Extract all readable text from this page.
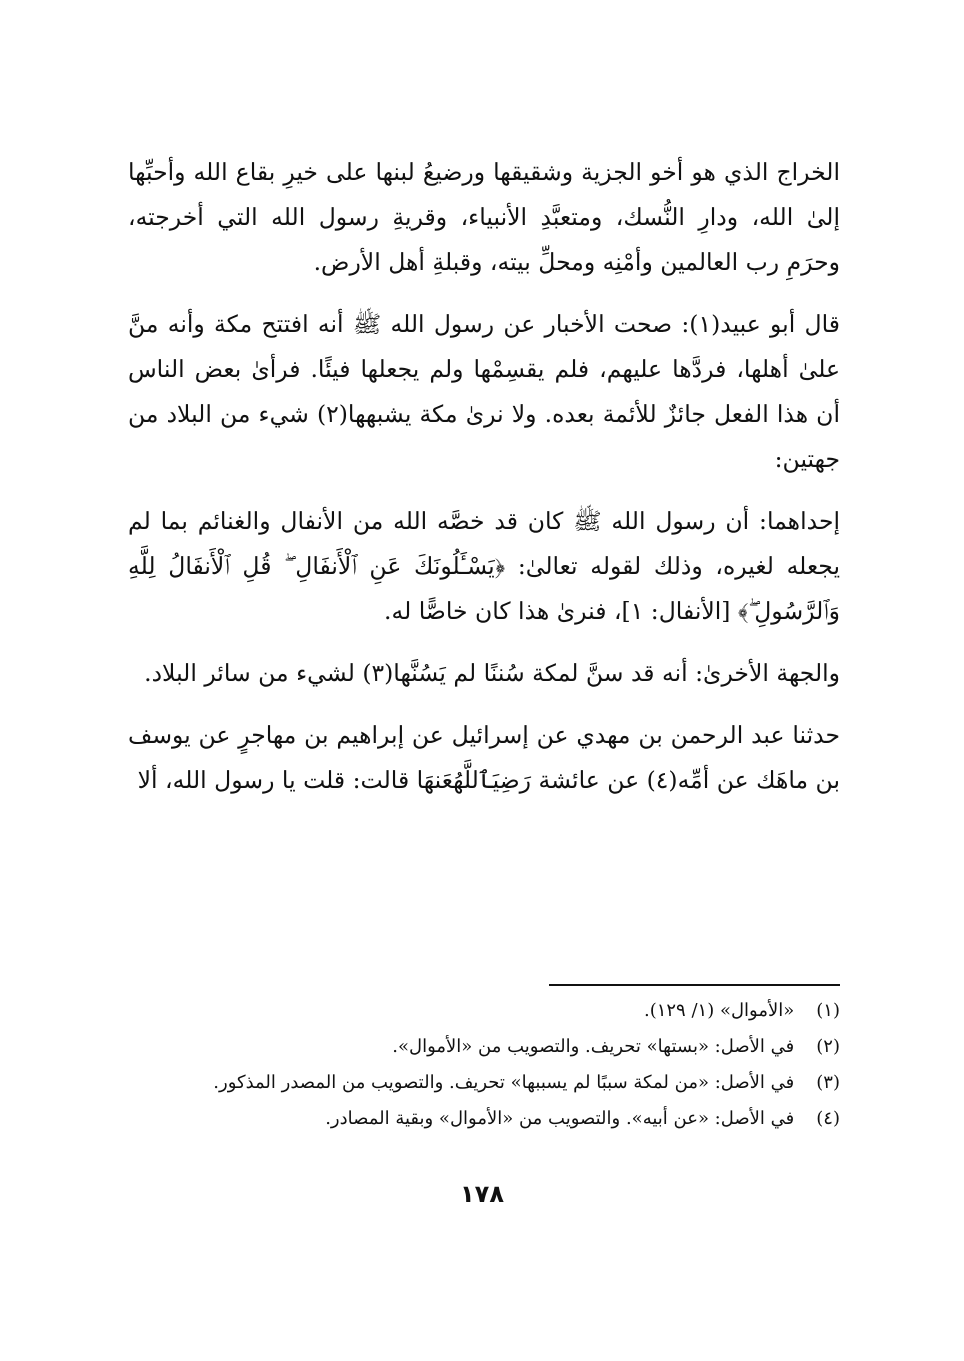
الخراج الذي هو أخو الجزية وشقيقها ورضيعُ لبنها على خيرِ بقاع الله وأحبِّها إلىٰ الله، ودارِ النُّسك، ومتعبَّدِ الأنبياء، وقريةِ رسول الله التي أخرجته، وحرَمِ رب العالمين وأمْنِه ومحلِّ بيته، وقبلةِ أهل الأرض.

قال أبو عبيد(١): صحت الأخبار عن رسول الله ﷺ أنه افتتح مكة وأنه منَّ علىٰ أهلها، فردَّها عليهم، فلم يقسِمْها ولم يجعلها فيئًا. فرأىٰ بعض الناس أن هذا الفعل جائزٌ للأئمة بعده. ولا نرىٰ مكة يشبهها(٢) شيء من البلاد من جهتين:

إحداهما: أن رسول الله ﷺ كان قد خصَّه الله من الأنفال والغنائم بما لم يجعله لغيره، وذلك لقوله تعالىٰ: ﴿يَسْـَٔلُونَكَ عَنِ ٱلْأَنفَالِ ۖ قُلِ ٱلْأَنفَالُ لِلَّهِ وَٱلرَّسُولِ ۖ﴾ [الأنفال: ١]، فنرىٰ هذا كان خاصًّا له.

والجهة الأخرىٰ: أنه قد سنَّ لمكة سُننًا لم يَسُنَّها(٣) لشيء من سائر البلاد.

حدثنا عبد الرحمن بن مهدي عن إسرائيل عن إبراهيم بن مهاجرٍ عن يوسف بن ماهَك عن أمِّه(٤) عن عائشة رَضِيَٱللَّهُعَنهَا قالت: قلت يا رسول الله، ألا

(١) «الأموال» (١/ ١٢٩).
(٢) في الأصل: «بستها» تحريف. والتصويب من «الأموال».
(٣) في الأصل: «من لمكة سببًا لم يسببها» تحريف. والتصويب من المصدر المذكور.
(٤) في الأصل: «عن أبيه». والتصويب من «الأموال» وبقية المصادر.
١٧٨
